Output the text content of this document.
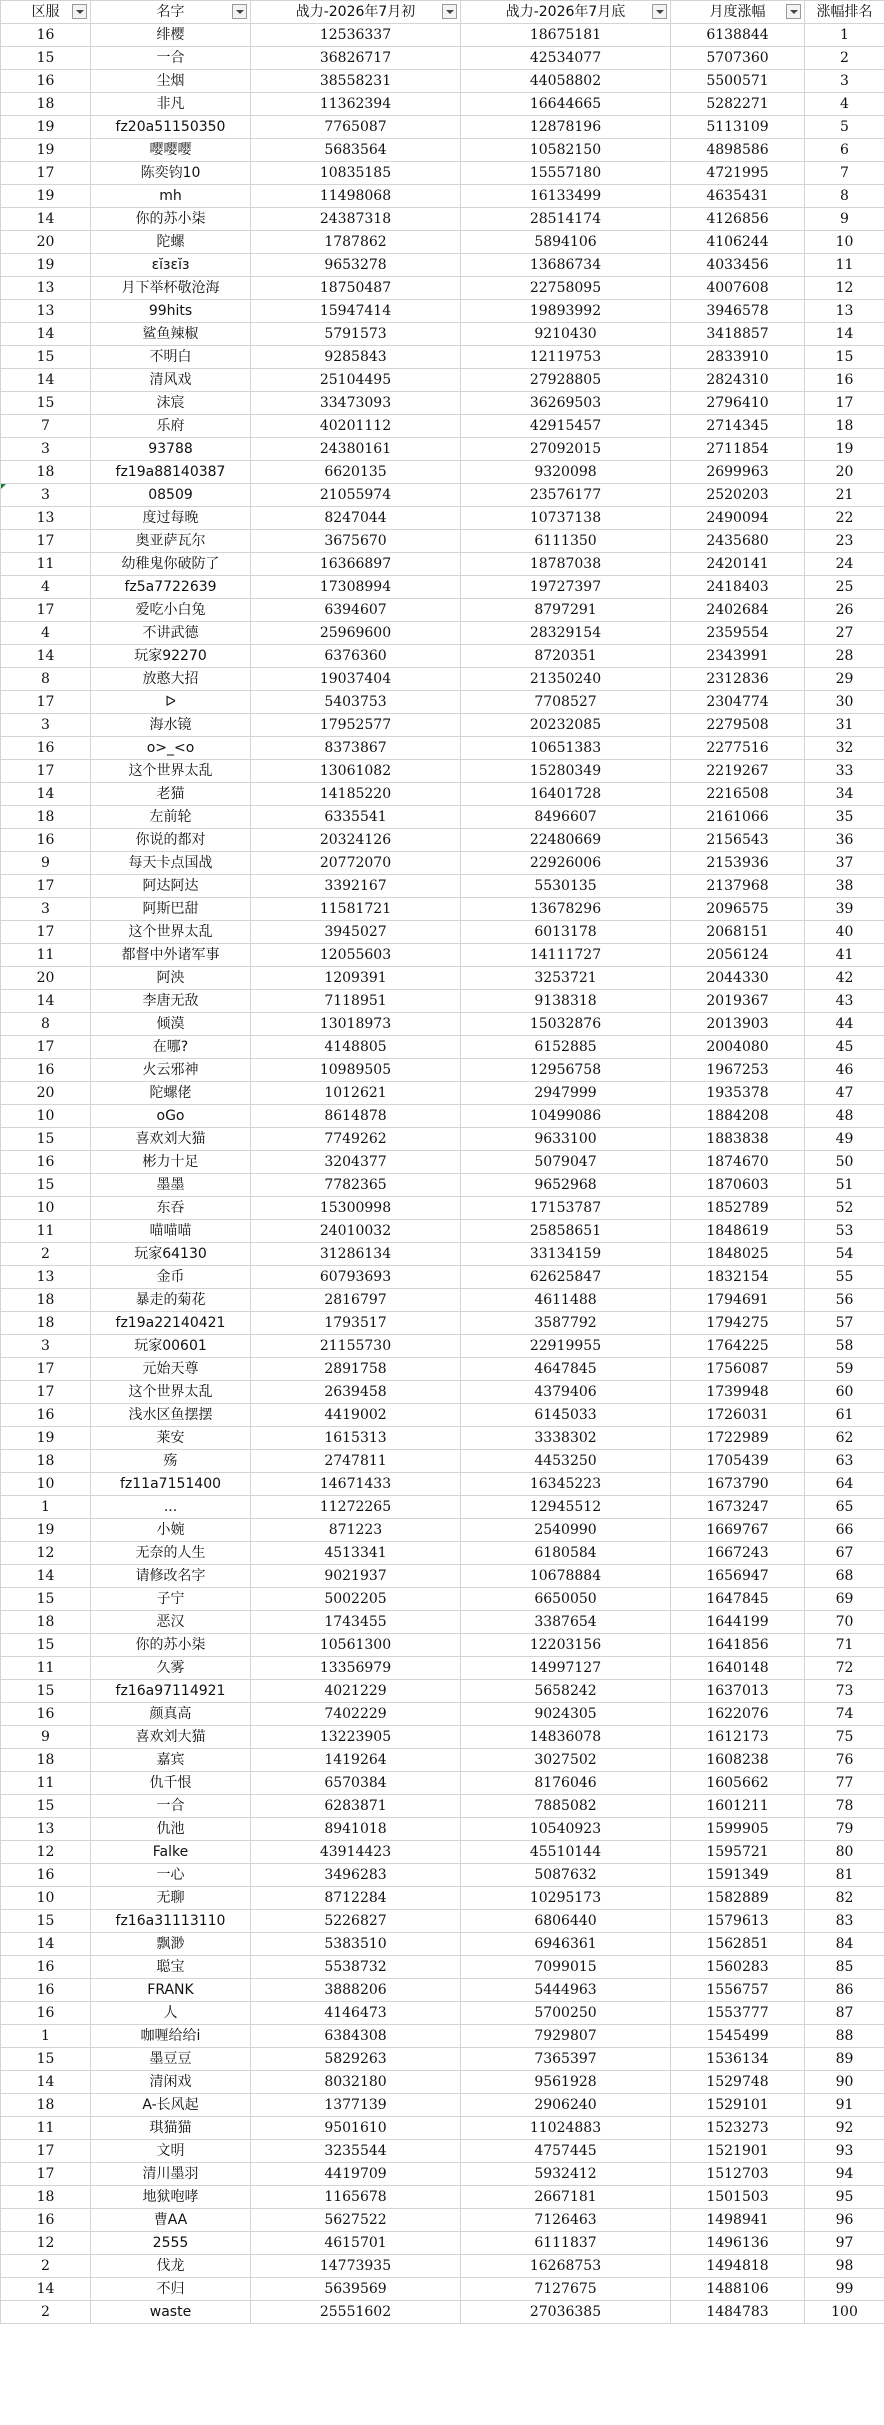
区服	名字	战力-2026年7月初	战力-2026年7月底	月度涨幅	涨幅排名
16	绯樱	12536337	18675181	6138844	1
15	一合	36826717	42534077	5707360	2
16	尘烟	38558231	44058802	5500571	3
18	非凡	11362394	16644665	5282271	4
19	fz20a51150350	7765087	12878196	5113109	5
19	嘤嘤嘤	5683564	10582150	4898586	6
17	陈奕钧10	10835185	15557180	4721995	7
19	mh	11498068	16133499	4635431	8
14	你的苏小柒	24387318	28514174	4126856	9
20	陀螺	1787862	5894106	4106244	10
19	ɛĭɜɛĭɜ	9653278	13686734	4033456	11
13	月下举杯敬沧海	18750487	22758095	4007608	12
13	99hits	15947414	19893992	3946578	13
14	鲨鱼辣椒	5791573	9210430	3418857	14
15	不明白	9285843	12119753	2833910	15
14	清风戏	25104495	27928805	2824310	16
15	沫宸	33473093	36269503	2796410	17
7	乐府	40201112	42915457	2714345	18
3	93788	24380161	27092015	2711854	19
18	fz19a88140387	6620135	9320098	2699963	20
3	08509	21055974	23576177	2520203	21
13	度过每晚	8247044	10737138	2490094	22
17	奥亚萨瓦尔	3675670	6111350	2435680	23
11	幼稚鬼你破防了	16366897	18787038	2420141	24
4	fz5a7722639	17308994	19727397	2418403	25
17	爱吃小白兔	6394607	8797291	2402684	26
4	不讲武德	25969600	28329154	2359554	27
14	玩家92270	6376360	8720351	2343991	28
8	放憨大招	19037404	21350240	2312836	29
17	ᐅ	5403753	7708527	2304774	30
3	海水镜	17952577	20232085	2279508	31
16	o>_<o	8373867	10651383	2277516	32
17	这个世界太乱	13061082	15280349	2219267	33
14	老猫	14185220	16401728	2216508	34
18	左前轮	6335541	8496607	2161066	35
16	你说的都对	20324126	22480669	2156543	36
9	每天卡点国战	20772070	22926006	2153936	37
17	阿达阿达	3392167	5530135	2137968	38
3	阿斯巴甜	11581721	13678296	2096575	39
17	这个世界太乱	3945027	6013178	2068151	40
11	都督中外诸军事	12055603	14111727	2056124	41
20	阿泱	1209391	3253721	2044330	42
14	李唐无敌	7118951	9138318	2019367	43
8	倾漠	13018973	15032876	2013903	44
17	在哪?	4148805	6152885	2004080	45
16	火云邪神	10989505	12956758	1967253	46
20	陀螺佬	1012621	2947999	1935378	47
10	oGo	8614878	10499086	1884208	48
15	喜欢刘大猫	7749262	9633100	1883838	49
16	彬力十足	3204377	5079047	1874670	50
15	墨墨	7782365	9652968	1870603	51
10	东吞	15300998	17153787	1852789	52
11	喵喵喵	24010032	25858651	1848619	53
2	玩家64130	31286134	33134159	1848025	54
13	金币	60793693	62625847	1832154	55
18	暴走的菊花	2816797	4611488	1794691	56
18	fz19a22140421	1793517	3587792	1794275	57
3	玩家00601	21155730	22919955	1764225	58
17	元始天尊	2891758	4647845	1756087	59
17	这个世界太乱	2639458	4379406	1739948	60
16	浅水区鱼摆摆	4419002	6145033	1726031	61
19	莱安	1615313	3338302	1722989	62
18	殇	2747811	4453250	1705439	63
10	fz11a7151400	14671433	16345223	1673790	64
1	...	11272265	12945512	1673247	65
19	小婉	871223	2540990	1669767	66
12	无奈的人生	4513341	6180584	1667243	67
14	请修改名字	9021937	10678884	1656947	68
15	子宁	5002205	6650050	1647845	69
18	恶汉	1743455	3387654	1644199	70
15	你的苏小柒	10561300	12203156	1641856	71
11	久雾	13356979	14997127	1640148	72
15	fz16a97114921	4021229	5658242	1637013	73
16	颜真高	7402229	9024305	1622076	74
9	喜欢刘大猫	13223905	14836078	1612173	75
18	嘉宾	1419264	3027502	1608238	76
11	仇千恨	6570384	8176046	1605662	77
15	一合	6283871	7885082	1601211	78
13	仇池	8941018	10540923	1599905	79
12	Falke	43914423	45510144	1595721	80
16	一心	3496283	5087632	1591349	81
10	无聊	8712284	10295173	1582889	82
15	fz16a31113110	5226827	6806440	1579613	83
14	飘渺	5383510	6946361	1562851	84
16	聪宝	5538732	7099015	1560283	85
16	FRANK	3888206	5444963	1556757	86
16	人	4146473	5700250	1553777	87
1	咖喱给给i	6384308	7929807	1545499	88
15	墨豆豆	5829263	7365397	1536134	89
14	清闲戏	8032180	9561928	1529748	90
18	A-长风起	1377139	2906240	1529101	91
11	琪猫猫	9501610	11024883	1523273	92
17	文明	3235544	4757445	1521901	93
17	清川墨羽	4419709	5932412	1512703	94
18	地狱咆哮	1165678	2667181	1501503	95
16	曹AA	5627522	7126463	1498941	96
12	2555	4615701	6111837	1496136	97
2	伐龙	14773935	16268753	1494818	98
14	不归	5639569	7127675	1488106	99
2	waste	25551602	27036385	1484783	100
